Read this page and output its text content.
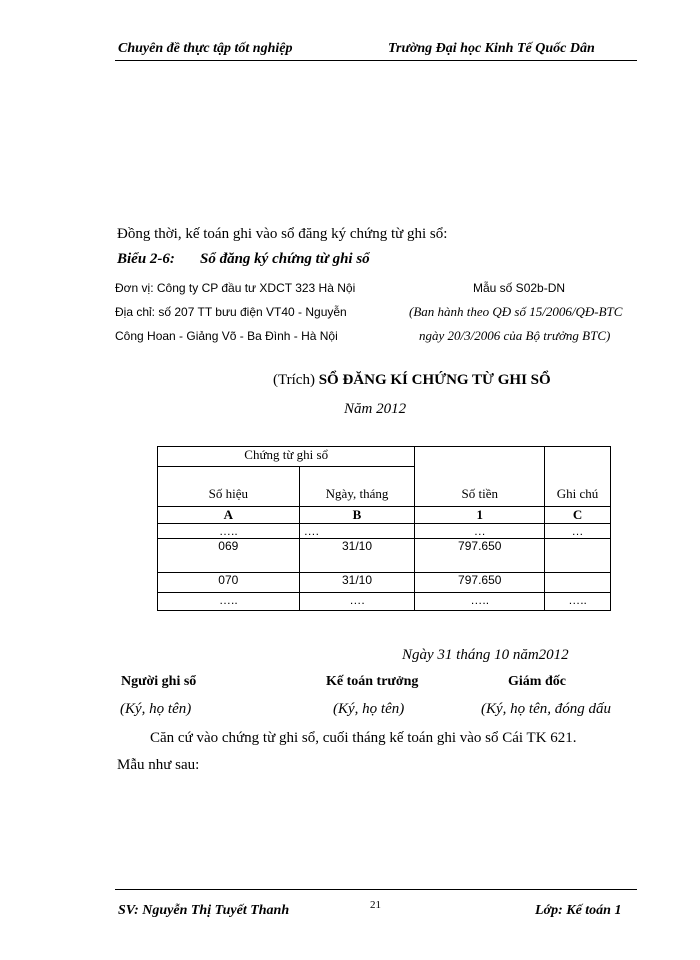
Chuyên đề thực tập tốt nghiệp	Trường Đại học Kinh Tế Quốc Dân
Đồng thời, kế toán ghi vào sổ đăng ký chứng từ ghi sổ:
Biểu 2-6: Sổ đăng ký chứng từ ghi sổ
Đơn vị: Công ty CP đầu tư XDCT 323 Hà Nội
Địa chỉ: số 207 TT bưu điện VT40 - Nguyễn
Công Hoan - Giảng Võ - Ba Đình - Hà Nội
Mẫu số S02b-DN
(Ban hành theo QĐ số 15/2006/QĐ-BTC
ngày 20/3/2006 của Bộ trưởng BTC)
(Trích) SỔ ĐĂNG KÍ CHỨNG TỪ GHI SỔ
Năm 2012
Chứng từ ghi sổ		Số tiền	Ghi chú
Số hiệu	Ngày, tháng		
A	B	1	C
…..	….	…	…
069	31/10	797.650	
070	31/10	797.650	
…..	….	…..	…..
Ngày 31 tháng 10 năm2012
Người ghi sổ	Kế toán trưởng	Giám đốc
(Ký, họ tên)	(Ký, họ tên)	(Ký, họ tên, đóng dấu
Căn cứ vào chứng từ ghi sổ, cuối tháng kế toán ghi vào sổ Cái TK 621.
Mẫu như sau:
SV: Nguyễn Thị Tuyết Thanh	21	Lớp: Kế toán 1
